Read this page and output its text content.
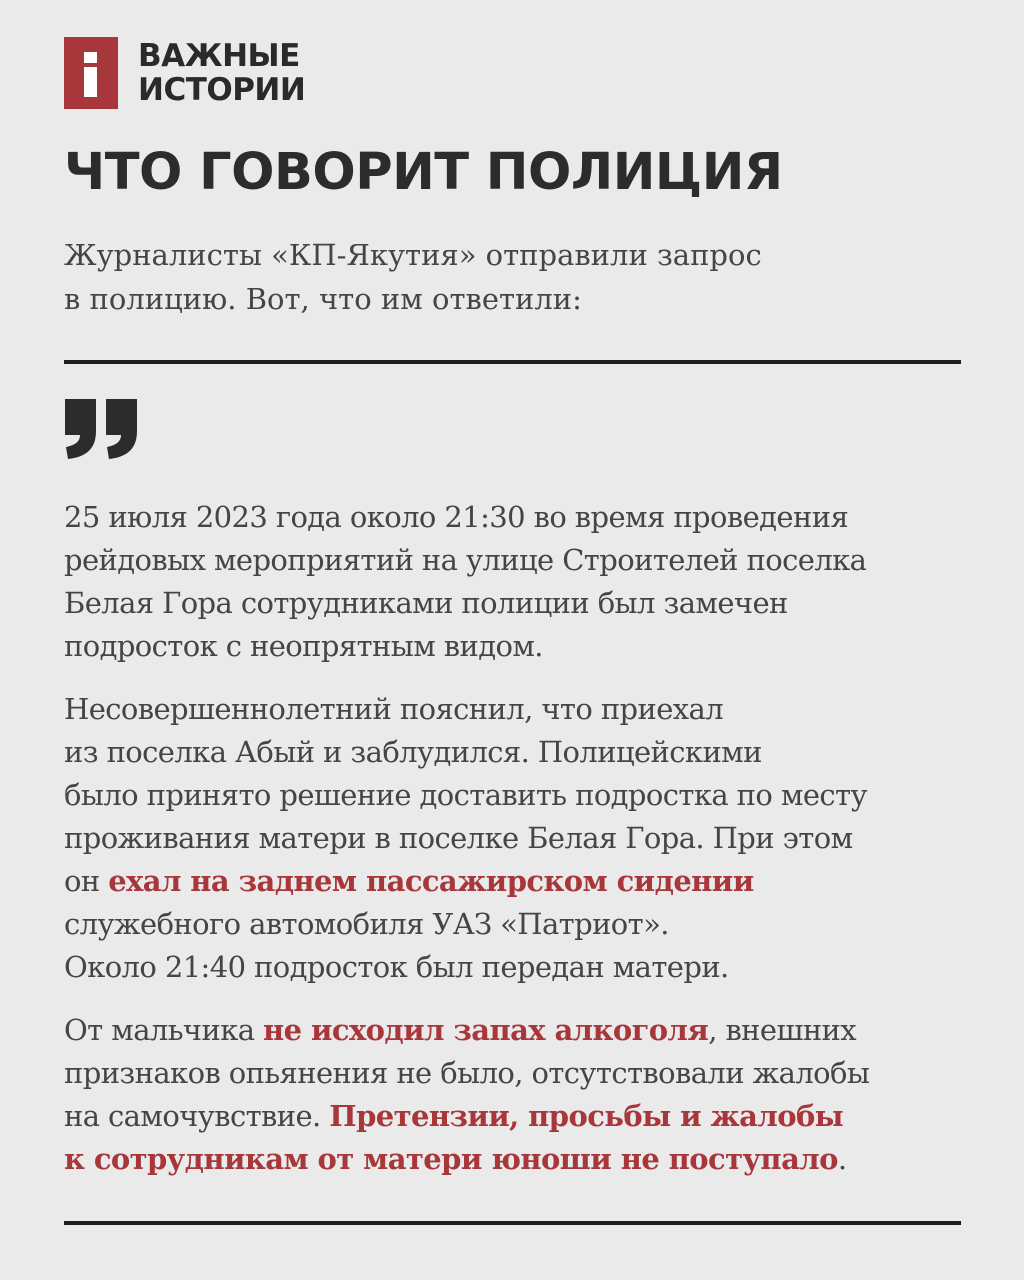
ВАЖНЫЕ
ИСТОРИИ
ЧТО ГОВОРИТ ПОЛИЦИЯ

Журналисты «КП-Якутия» отправили запрос
в полицию. Вот, что им ответили:

25 июля 2023 года около 21:30 во время проведения
рейдовых мероприятий на улице Строителей поселка
Белая Гора сотрудниками полиции был замечен
подросток с неопрятным видом.

Несовершеннолетний пояснил, что приехал
из поселка Абый и заблудился. Полицейскими
было принято решение доставить подростка по месту
проживания матери в поселке Белая Гора. При этом
он ехал на заднем пассажирском сидении
служебного автомобиля УАЗ «Патриот».
Около 21:40 подросток был передан матери.

От мальчика не исходил запах алкоголя, внешних
признаков опьянения не было, отсутствовали жалобы
на самочувствие. Претензии, просьбы и жалобы
к сотрудникам от матери юноши не поступало.
